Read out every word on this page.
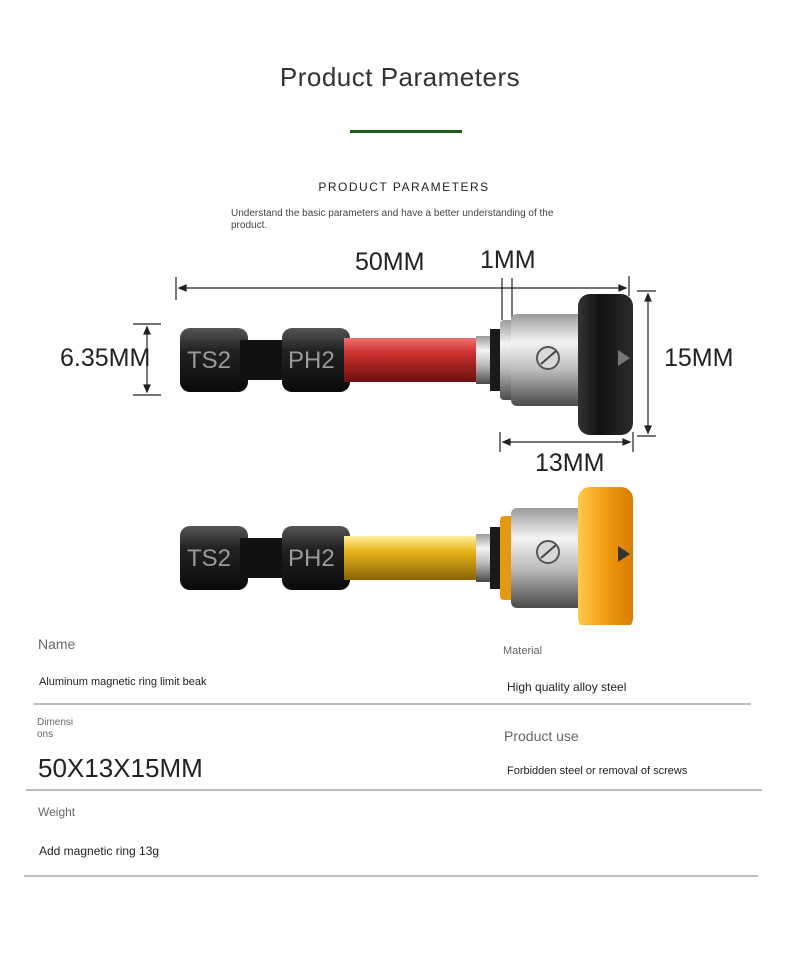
Product Parameters
PRODUCT PARAMETERS
Understand the basic parameters and have a better understanding of the product.
TS2 PH2
TS2 PH2
50MM 1MM
6.35MM	15MM
13MM
Name
Aluminum magnetic ring limit beak
Material
High quality alloy steel
Dimensi
ons
50X13X15MM
Product use
Forbidden steel or removal of screws
Weight
Add magnetic ring 13g
